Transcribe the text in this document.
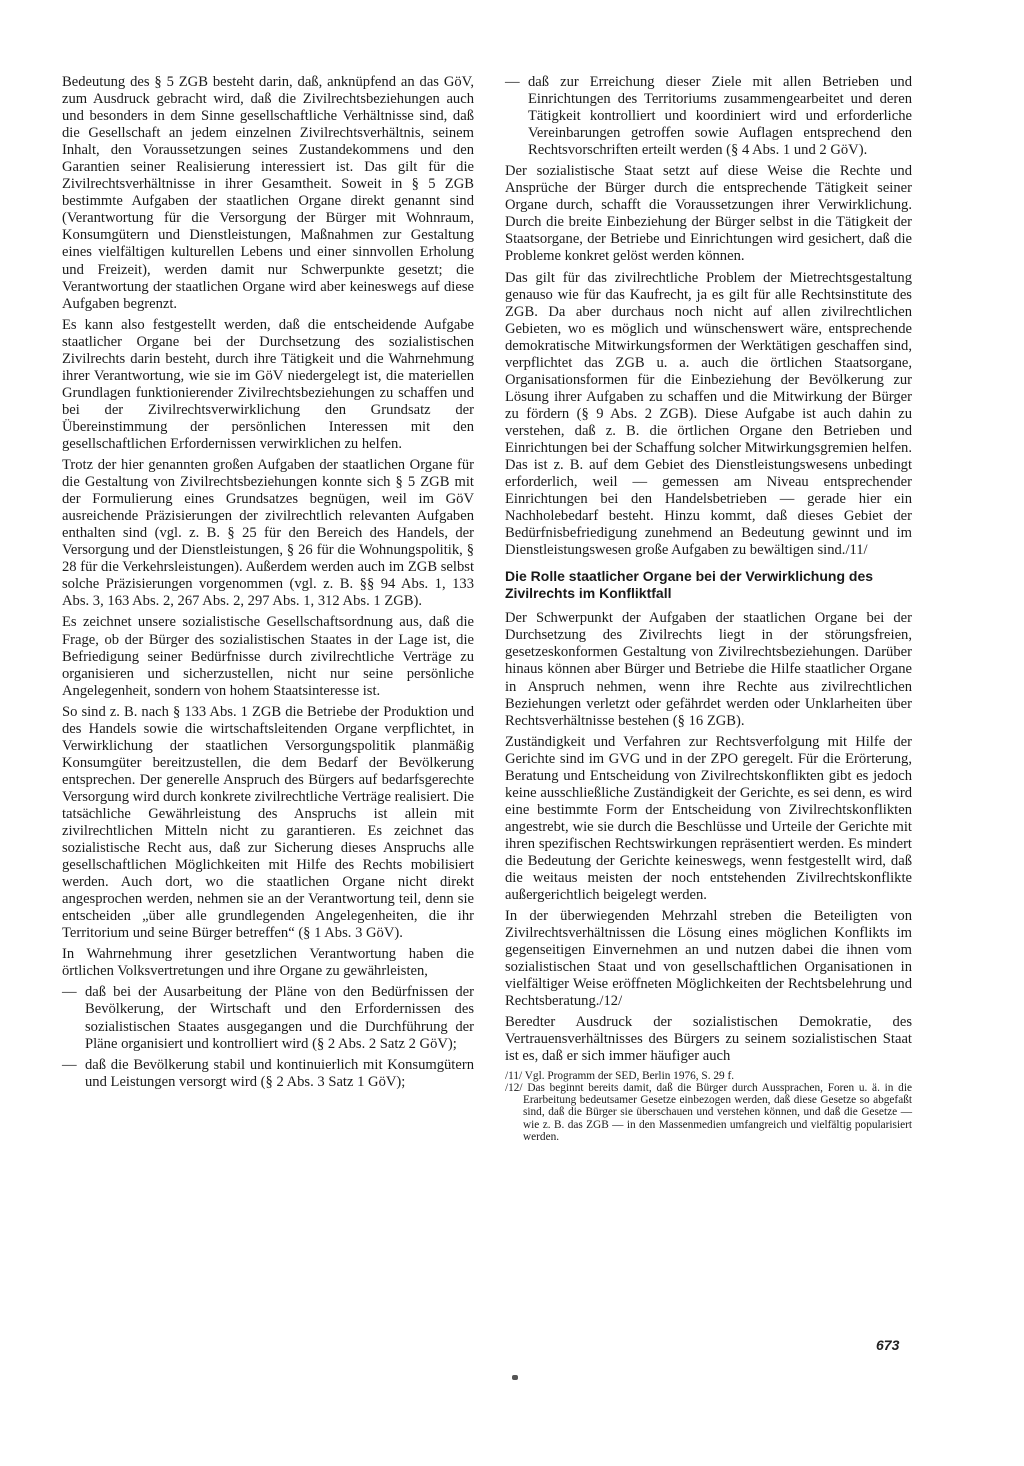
Bedeutung des § 5 ZGB besteht darin, daß, anknüpfend an das GöV, zum Ausdruck gebracht wird, daß die Zivilrechtsbeziehungen auch und besonders in dem Sinne gesellschaftliche Verhältnisse sind, daß die Gesellschaft an jedem einzelnen Zivilrechtsverhältnis, seinem Inhalt, den Voraussetzungen seines Zustandekommens und den Garantien seiner Realisierung interessiert ist. Das gilt für die Zivilrechtsverhältnisse in ihrer Gesamtheit. Soweit in § 5 ZGB bestimmte Aufgaben der staatlichen Organe direkt genannt sind (Verantwortung für die Versorgung der Bürger mit Wohnraum, Konsumgütern und Dienstleistungen, Maßnahmen zur Gestaltung eines vielfältigen kulturellen Lebens und einer sinnvollen Erholung und Freizeit), werden damit nur Schwerpunkte gesetzt; die Verantwortung der staatlichen Organe wird aber keineswegs auf diese Aufgaben begrenzt.

Es kann also festgestellt werden, daß die entscheidende Aufgabe staatlicher Organe bei der Durchsetzung des sozialistischen Zivilrechts darin besteht, durch ihre Tätigkeit und die Wahrnehmung ihrer Verantwortung, wie sie im GöV niedergelegt ist, die materiellen Grundlagen funktionierender Zivilrechtsbeziehungen zu schaffen und bei der Zivilrechtsverwirklichung den Grundsatz der Übereinstimmung der persönlichen Interessen mit den gesellschaftlichen Erfordernissen verwirklichen zu helfen.

Trotz der hier genannten großen Aufgaben der staatlichen Organe für die Gestaltung von Zivilrechtsbeziehungen konnte sich § 5 ZGB mit der Formulierung eines Grundsatzes begnügen, weil im GöV ausreichende Präzisierungen der zivilrechtlich relevanten Aufgaben enthalten sind (vgl. z. B. § 25 für den Bereich des Handels, der Versorgung und der Dienstleistungen, § 26 für die Wohnungspolitik, § 28 für die Verkehrsleistungen). Außerdem werden auch im ZGB selbst solche Präzisierungen vorgenommen (vgl. z. B. §§ 94 Abs. 1, 133 Abs. 3, 163 Abs. 2, 267 Abs. 2, 297 Abs. 1, 312 Abs. 1 ZGB).

Es zeichnet unsere sozialistische Gesellschaftsordnung aus, daß die Frage, ob der Bürger des sozialistischen Staates in der Lage ist, die Befriedigung seiner Bedürfnisse durch zivilrechtliche Verträge zu organisieren und sicherzustellen, nicht nur seine persönliche Angelegenheit, sondern von hohem Staatsinteresse ist.

So sind z. B. nach § 133 Abs. 1 ZGB die Betriebe der Produktion und des Handels sowie die wirtschaftsleitenden Organe verpflichtet, in Verwirklichung der staatlichen Versorgungspolitik planmäßig Konsumgüter bereitzustellen, die dem Bedarf der Bevölkerung entsprechen. Der generelle Anspruch des Bürgers auf bedarfsgerechte Versorgung wird durch konkrete zivilrechtliche Verträge realisiert. Die tatsächliche Gewährleistung des Anspruchs ist allein mit zivilrechtlichen Mitteln nicht zu garantieren. Es zeichnet das sozialistische Recht aus, daß zur Sicherung dieses Anspruchs alle gesellschaftlichen Möglichkeiten mit Hilfe des Rechts mobilisiert werden. Auch dort, wo die staatlichen Organe nicht direkt angesprochen werden, nehmen sie an der Verantwortung teil, denn sie entscheiden „über alle grundlegenden Angelegenheiten, die ihr Territorium und seine Bürger betreffen“ (§ 1 Abs. 3 GöV).

In Wahrnehmung ihrer gesetzlichen Verantwortung haben die örtlichen Volksvertretungen und ihre Organe zu gewährleisten,

— daß bei der Ausarbeitung der Pläne von den Bedürfnissen der Bevölkerung, der Wirtschaft und den Erfordernissen des sozialistischen Staates ausgegangen und die Durchführung der Pläne organisiert und kontrolliert wird (§ 2 Abs. 2 Satz 2 GöV);
— daß die Bevölkerung stabil und kontinuierlich mit Konsumgütern und Leistungen versorgt wird (§ 2 Abs. 3 Satz 1 GöV);
— daß zur Erreichung dieser Ziele mit allen Betrieben und Einrichtungen des Territoriums zusammengearbeitet und deren Tätigkeit kontrolliert und koordiniert wird und erforderliche Vereinbarungen getroffen sowie Auflagen entsprechend den Rechtsvorschriften erteilt werden (§ 4 Abs. 1 und 2 GöV).

Der sozialistische Staat setzt auf diese Weise die Rechte und Ansprüche der Bürger durch die entsprechende Tätigkeit seiner Organe durch, schafft die Voraussetzungen ihrer Verwirklichung. Durch die breite Einbeziehung der Bürger selbst in die Tätigkeit der Staatsorgane, der Betriebe und Einrichtungen wird gesichert, daß die Probleme konkret gelöst werden können.

Das gilt für das zivilrechtliche Problem der Mietrechtsgestaltung genauso wie für das Kaufrecht, ja es gilt für alle Rechtsinstitute des ZGB. Da aber durchaus noch nicht auf allen zivilrechtlichen Gebieten, wo es möglich und wünschenswert wäre, entsprechende demokratische Mitwirkungsformen der Werktätigen geschaffen sind, verpflichtet das ZGB u. a. auch die örtlichen Staatsorgane, Organisationsformen für die Einbeziehung der Bevölkerung zur Lösung ihrer Aufgaben zu schaffen und die Mitwirkung der Bürger zu fördern (§ 9 Abs. 2 ZGB). Diese Aufgabe ist auch dahin zu verstehen, daß z. B. die örtlichen Organe den Betrieben und Einrichtungen bei der Schaffung solcher Mitwirkungsgremien helfen. Das ist z. B. auf dem Gebiet des Dienstleistungswesens unbedingt erforderlich, weil — gemessen am Niveau entsprechender Einrichtungen bei den Handelsbetrieben — gerade hier ein Nachholebedarf besteht. Hinzu kommt, daß dieses Gebiet der Bedürfnisbefriedigung zunehmend an Bedeutung gewinnt und im Dienstleistungswesen große Aufgaben zu bewältigen sind./11/

Die Rolle staatlicher Organe bei der Verwirklichung des Zivilrechts im Konfliktfall

Der Schwerpunkt der Aufgaben der staatlichen Organe bei der Durchsetzung des Zivilrechts liegt in der störungsfreien, gesetzeskonformen Gestaltung von Zivilrechtsbeziehungen. Darüber hinaus können aber Bürger und Betriebe die Hilfe staatlicher Organe in Anspruch nehmen, wenn ihre Rechte aus zivilrechtlichen Beziehungen verletzt oder gefährdet werden oder Unklarheiten über Rechtsverhältnisse bestehen (§ 16 ZGB).

Zuständigkeit und Verfahren zur Rechtsverfolgung mit Hilfe der Gerichte sind im GVG und in der ZPO geregelt. Für die Erörterung, Beratung und Entscheidung von Zivilrechtskonflikten gibt es jedoch keine ausschließliche Zuständigkeit der Gerichte, es sei denn, es wird eine bestimmte Form der Entscheidung von Zivilrechtskonflikten angestrebt, wie sie durch die Beschlüsse und Urteile der Gerichte mit ihren spezifischen Rechtswirkungen repräsentiert werden. Es mindert die Bedeutung der Gerichte keineswegs, wenn festgestellt wird, daß die weitaus meisten der noch entstehenden Zivilrechtskonflikte außergerichtlich beigelegt werden.

In der überwiegenden Mehrzahl streben die Beteiligten von Zivilrechtsverhältnissen die Lösung eines möglichen Konflikts im gegenseitigen Einvernehmen an und nutzen dabei die ihnen vom sozialistischen Staat und von gesellschaftlichen Organisationen in vielfältiger Weise eröffneten Möglichkeiten der Rechtsbelehrung und Rechtsberatung./12/

Beredter Ausdruck der sozialistischen Demokratie, des Vertrauensverhältnisses des Bürgers zu seinem sozialistischen Staat ist es, daß er sich immer häufiger auch

/11/ Vgl. Programm der SED, Berlin 1976, S. 29 f.

/12/ Das beginnt bereits damit, daß die Bürger durch Aussprachen, Foren u. ä. in die Erarbeitung bedeutsamer Gesetze einbezogen werden, daß diese Gesetze so abgefaßt sind, daß die Bürger sie überschauen und verstehen können, und daß die Gesetze — wie z. B. das ZGB — in den Massenmedien umfangreich und vielfältig popularisiert werden.

673
